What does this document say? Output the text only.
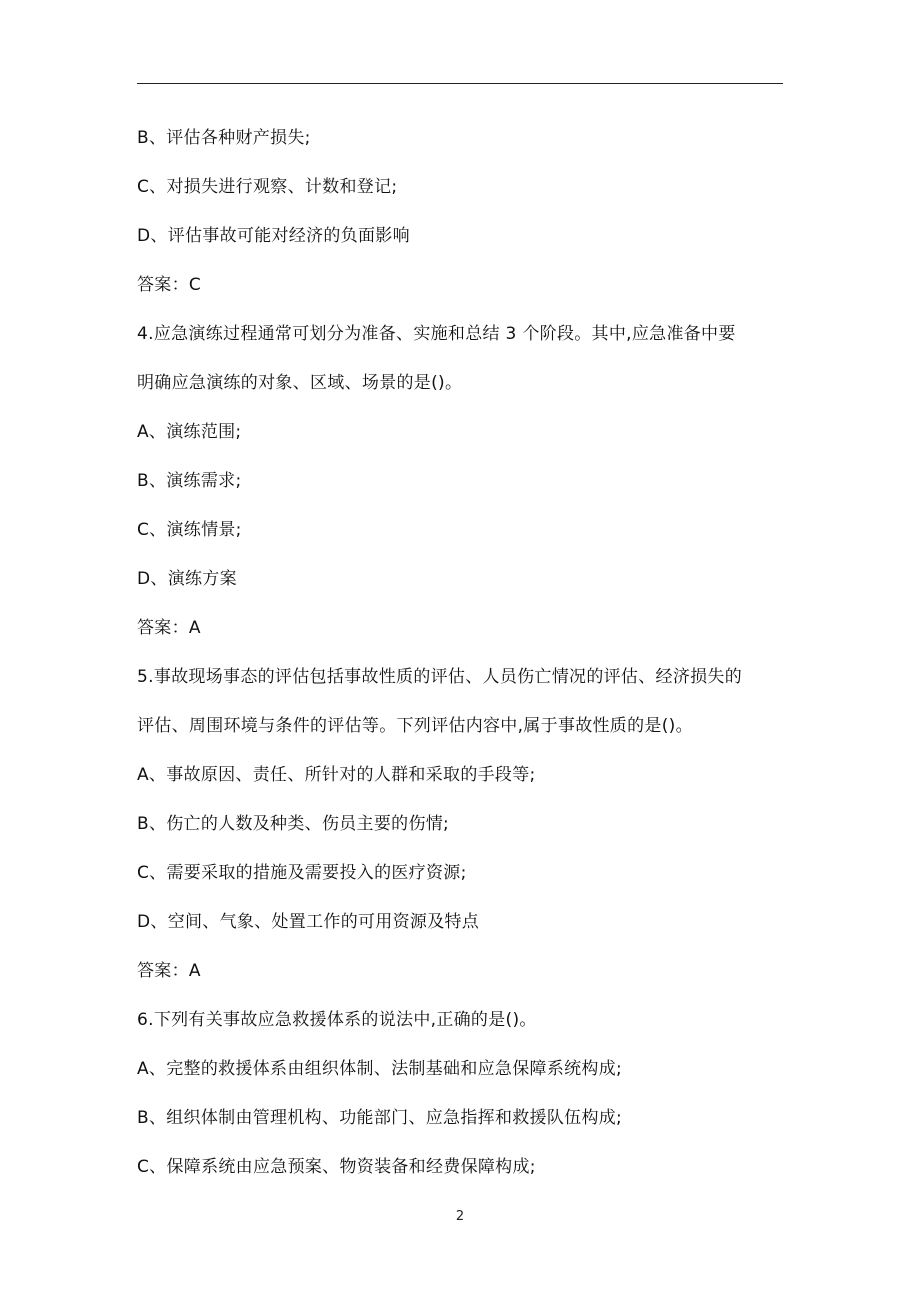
B、评估各种财产损失;
C、对损失进行观察、计数和登记;
D、评估事故可能对经济的负面影响
答案：C
4.应急演练过程通常可划分为准备、实施和总结 3 个阶段。其中,应急准备中要
明确应急演练的对象、区域、场景的是()。
A、演练范围;
B、演练需求;
C、演练情景;
D、演练方案
答案：A
5.事故现场事态的评估包括事故性质的评估、人员伤亡情况的评估、经济损失的
评估、周围环境与条件的评估等。下列评估内容中,属于事故性质的是()。
A、事故原因、责任、所针对的人群和采取的手段等;
B、伤亡的人数及种类、伤员主要的伤情;
C、需要采取的措施及需要投入的医疗资源;
D、空间、气象、处置工作的可用资源及特点
答案：A
6.下列有关事故应急救援体系的说法中,正确的是()。
A、完整的救援体系由组织体制、法制基础和应急保障系统构成;
B、组织体制由管理机构、功能部门、应急指挥和救援队伍构成;
C、保障系统由应急预案、物资装备和经费保障构成;
2
